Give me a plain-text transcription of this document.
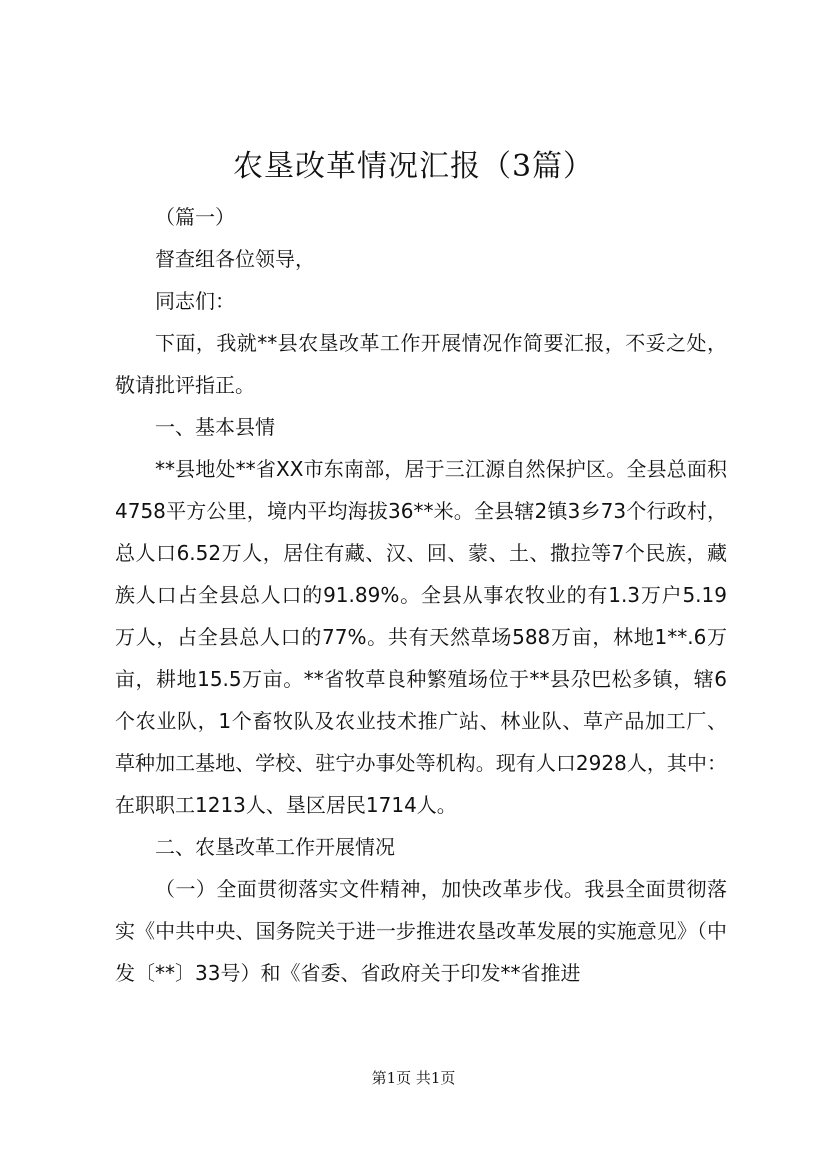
农垦改革情况汇报（3篇）

（篇一）

督查组各位领导，

同志们：

下面，我就**县农垦改革工作开展情况作简要汇报，不妥之处，敬请批评指正。

一、基本县情

**县地处**省XX市东南部，居于三江源自然保护区。全县总面积4758平方公里，境内平均海拔36**米。全县辖2镇3乡73个行政村，总人口6.52万人，居住有藏、汉、回、蒙、土、撒拉等7个民族，藏族人口占全县总人口的91.89%。全县从事农牧业的有1.3万户5.19万人，占全县总人口的77%。共有天然草场588万亩，林地1**.6万亩，耕地15.5万亩。**省牧草良种繁殖场位于**县尕巴松多镇，辖6个农业队，1个畜牧队及农业技术推广站、林业队、草产品加工厂、草种加工基地、学校、驻宁办事处等机构。现有人口2928人，其中：在职职工1213人、垦区居民1714人。

二、农垦改革工作开展情况

（一）全面贯彻落实文件精神，加快改革步伐。我县全面贯彻落实《中共中央、国务院关于进一步推进农垦改革发展的实施意见》（中发〔**〕33号）和《省委、省政府关于印发**省推进

第1页 共1页
